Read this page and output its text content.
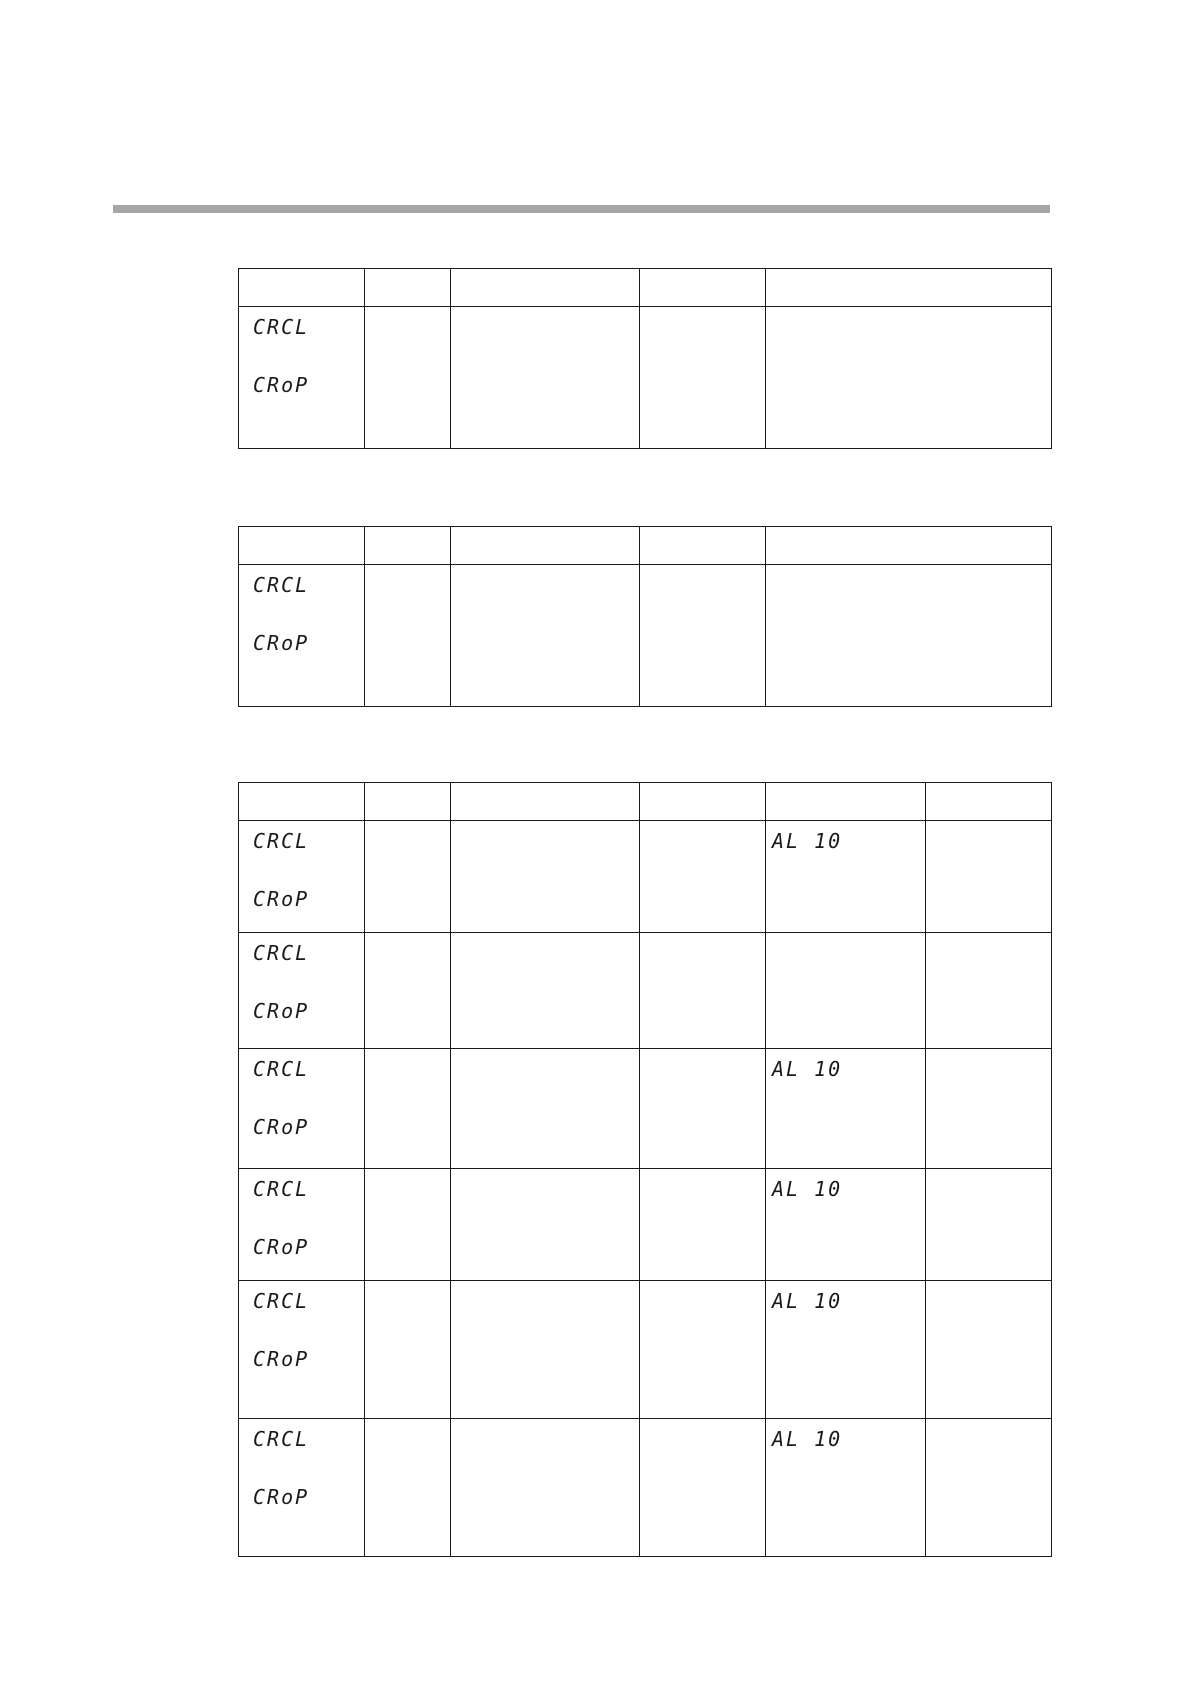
CRCL
CRoP				

CRCL
CRoP				

CRCL
CRoP				AL 10	

CRCL
CRoP					

CRCL
CRoP				AL 10	

CRCL
CRoP				AL 10	

CRCL
CRoP				AL 10	

CRCL
CRoP				AL 10	
